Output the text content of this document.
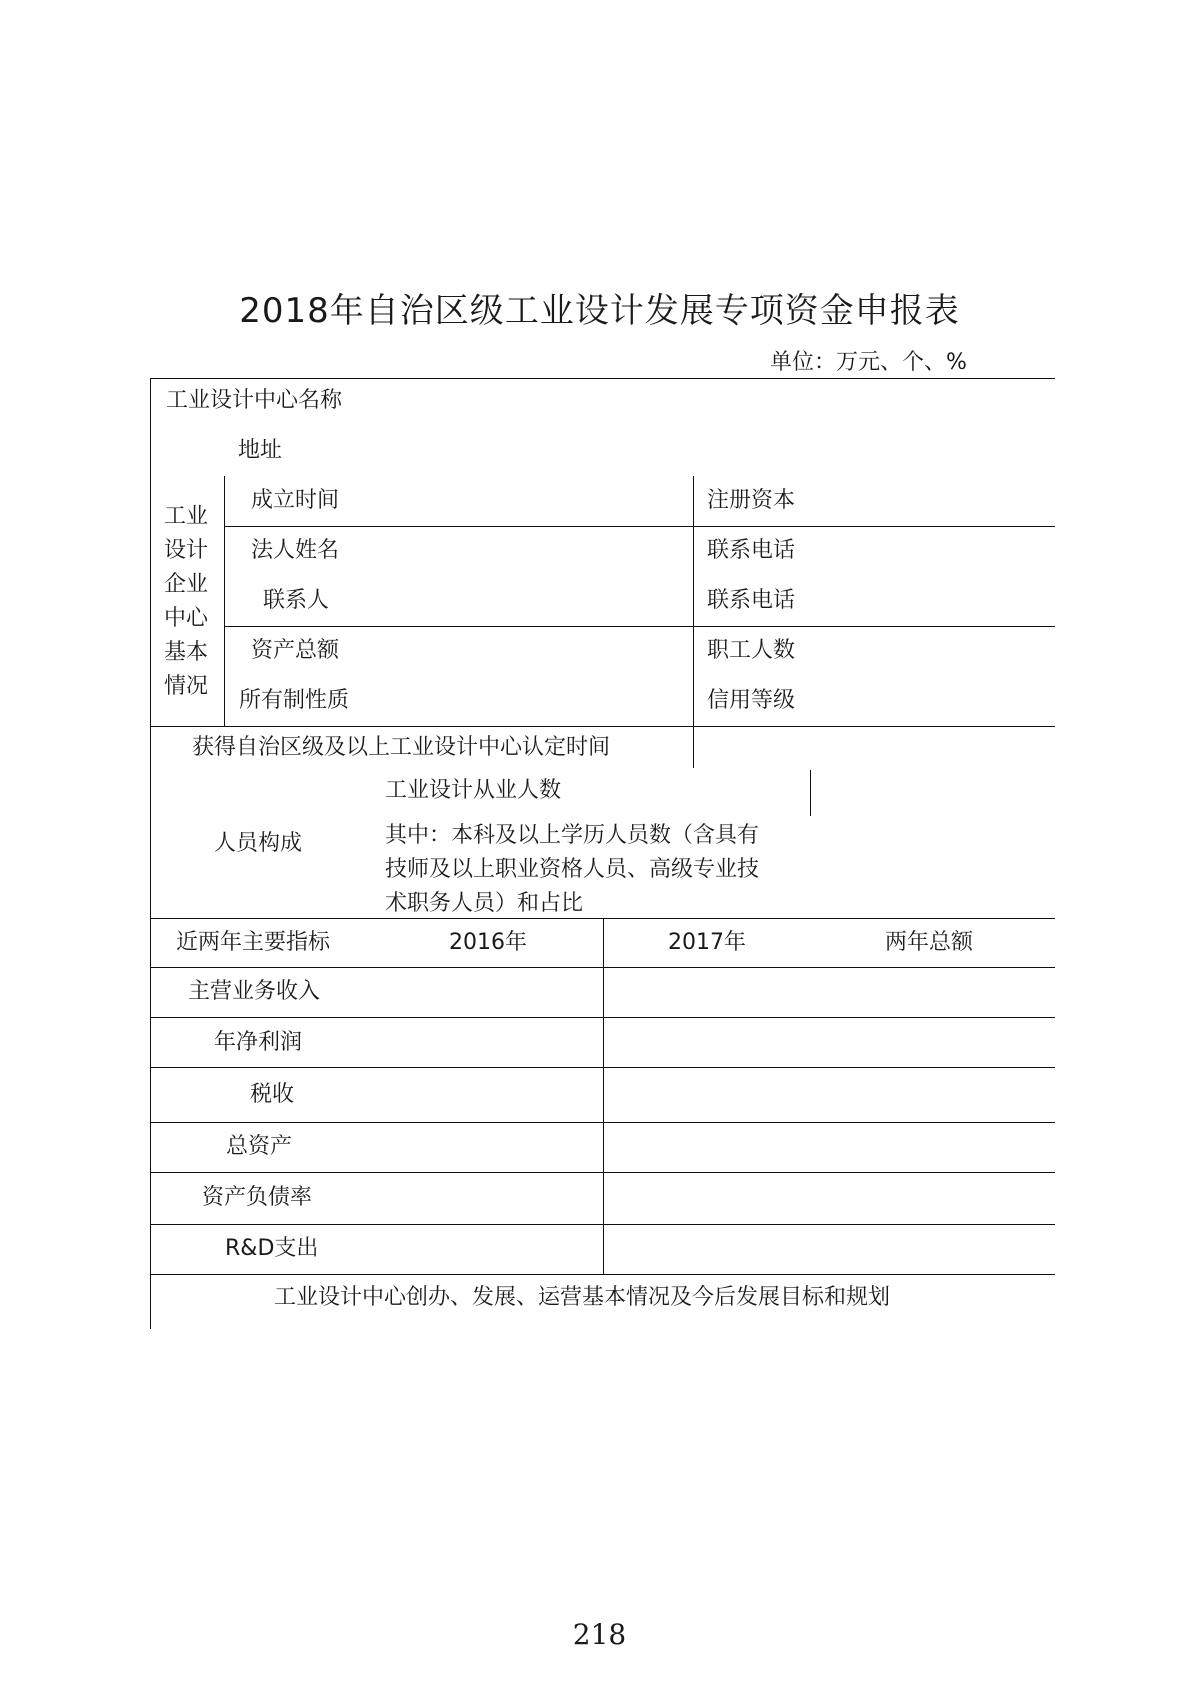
2018年自治区级工业设计发展专项资金申报表
单位：万元、个、%
工业设计中心名称
地址
工业
设计
企业
中心
基本
情况
成立时间	注册资本
法人姓名	联系电话
联系人	联系电话
资产总额	职工人数
所有制性质	信用等级
获得自治区级及以上工业设计中心认定时间
人员构成
工业设计从业人数
其中：本科及以上学历人员数（含具有
技师及以上职业资格人员、高级专业技
术职务人员）和占比
近两年主要指标	2016年	2017年	两年总额
主营业务收入
年净利润
税收
总资产
资产负债率
R&D支出
工业设计中心创办、发展、运营基本情况及今后发展目标和规划
218
